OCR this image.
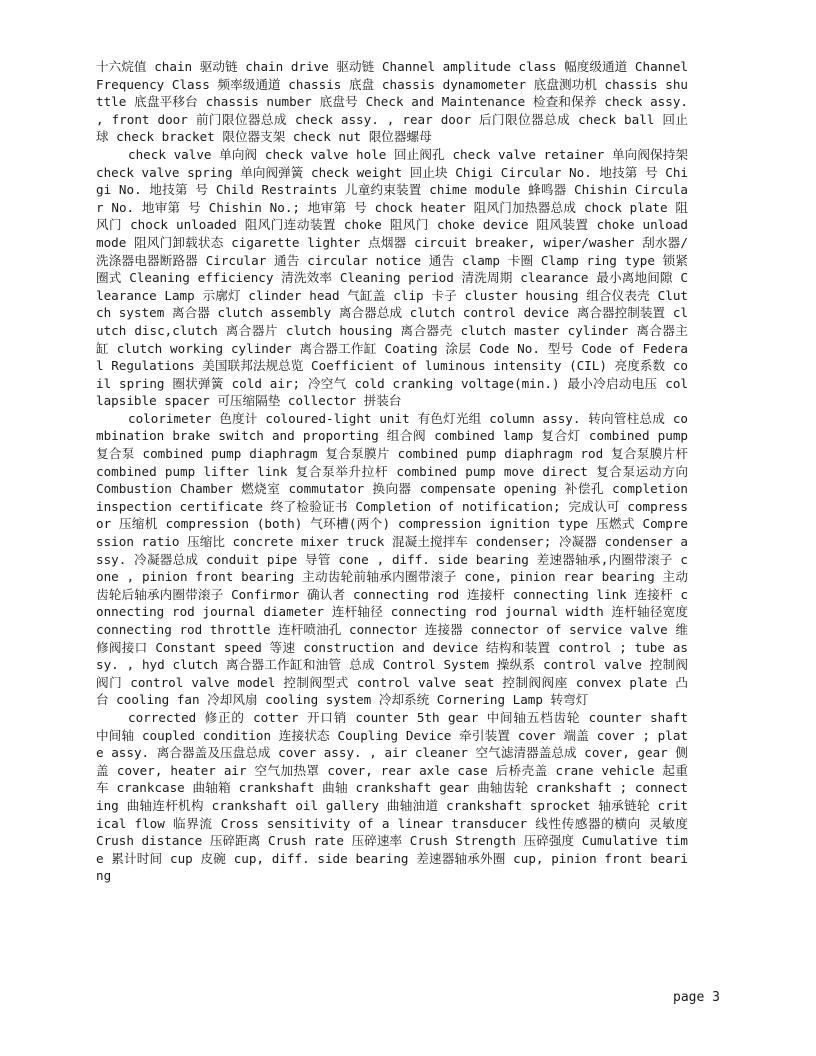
十六烷值 chain 驱动链 chain drive 驱动链 Channel amplitude class 幅度级通道 Channel Frequency Class 频率级通道 chassis 底盘 chassis dynamometer 底盘测功机 chassis shuttle 底盘平移台 chassis number 底盘号 Check and Maintenance 检查和保养 check assy. , front door 前门限位器总成 check assy. , rear door 后门限位器总成 check ball 回止球 check bracket 限位器支架 check nut 限位器螺母

check valve 单向阀 check valve hole 回止阀孔 check valve retainer 单向阀保持架 check valve spring 单向阀弹簧 check weight 回止块 Chigi Circular No. 地技第 号 Chigi No. 地技第 号 Child Restraints 儿童约束装置 chime module 蜂鸣器 Chishin Circular No. 地审第 号 Chishin No.; 地审第 号 chock heater 阻风门加热器总成 chock plate 阻风门 chock unloaded 阻风门连动装置 choke 阻风门 choke device 阻风装置 choke unload mode 阻风门卸载状态 cigarette lighter 点烟器 circuit breaker, wiper/washer 刮水器/洗涤器电器断路器 Circular 通告 circular notice 通告 clamp 卡圈 Clamp ring type 锁紧圈式 Cleaning efficiency 清洗效率 Cleaning period 清洗周期 clearance 最小离地间隙 Clearance Lamp 示廓灯 clinder head 气缸盖 clip 卡子 cluster housing 组合仪表壳 Clutch system 离合器 clutch assembly 离合器总成 clutch control device 离合器控制装置 clutch disc,clutch 离合器片 clutch housing 离合器壳 clutch master cylinder 离合器主缸 clutch working cylinder 离合器工作缸 Coating 涂层 Code No. 型号 Code of Federal Regulations 美国联邦法规总览 Coefficient of luminous intensity (CIL) 亮度系数 coil spring 圈状弹簧 cold air; 冷空气 cold cranking voltage(min.) 最小冷启动电压 collapsible spacer 可压缩隔垫 collector 拼装台

colorimeter 色度计 coloured-light unit 有色灯光组 column assy. 转向管柱总成 combination brake switch and proporting 组合阀 combined lamp 复合灯 combined pump 复合泵 combined pump diaphragm 复合泵膜片 combined pump diaphragm rod 复合泵膜片杆 combined pump lifter link 复合泵举升拉杆 combined pump move direct 复合泵运动方向 Combustion Chamber 燃烧室 commutator 换向器 compensate opening 补偿孔 completion inspection certificate 终了检验证书 Completion of notification; 完成认可 compressor 压缩机 compression (both) 气环槽(两个) compression ignition type 压燃式 Compression ratio 压缩比 concrete mixer truck 混凝土搅拌车 condenser; 冷凝器 condenser assy. 冷凝器总成 conduit pipe 导管 cone , diff. side bearing 差速器轴承,内圈带滚子 cone , pinion front bearing 主动齿轮前轴承内圈带滚子 cone, pinion rear bearing 主动齿轮后轴承内圈带滚子 Confirmor 确认者 connecting rod 连接杆 connecting link 连接杆 connecting rod journal diameter 连杆轴径 connecting rod journal width 连杆轴径宽度 connecting rod throttle 连杆喷油孔 connector 连接器 connector of service valve 维修阀接口 Constant speed 等速 construction and device 结构和装置 control ; tube assy. , hyd clutch 离合器工作缸和油管 总成 Control System 操纵系 control valve 控制阀阀门 control valve model 控制阀型式 control valve seat 控制阀阀座 convex plate 凸台 cooling fan 冷却风扇 cooling system 冷却系统 Cornering Lamp 转弯灯

corrected 修正的 cotter 开口销 counter 5th gear 中间轴五档齿轮 counter shaft 中间轴 coupled condition 连接状态 Coupling Device 牵引装置 cover 端盖 cover ; plate assy. 离合器盖及压盘总成 cover assy. , air cleaner 空气滤清器盖总成 cover, gear 侧盖 cover, heater air 空气加热罩 cover, rear axle case 后桥壳盖 crane vehicle 起重车 crankcase 曲轴箱 crankshaft 曲轴 crankshaft gear 曲轴齿轮 crankshaft ; connecting 曲轴连杆机构 crankshaft oil gallery 曲轴油道 crankshaft sprocket 轴承链轮 critical flow 临界流 Cross sensitivity of a linear transducer 线性传感器的横向 灵敏度 Crush distance 压碎距离 Crush rate 压碎速率 Crush Strength 压碎强度 Cumulative time 累计时间 cup 皮碗 cup, diff. side bearing 差速器轴承外圈 cup, pinion front bearing

page 3
